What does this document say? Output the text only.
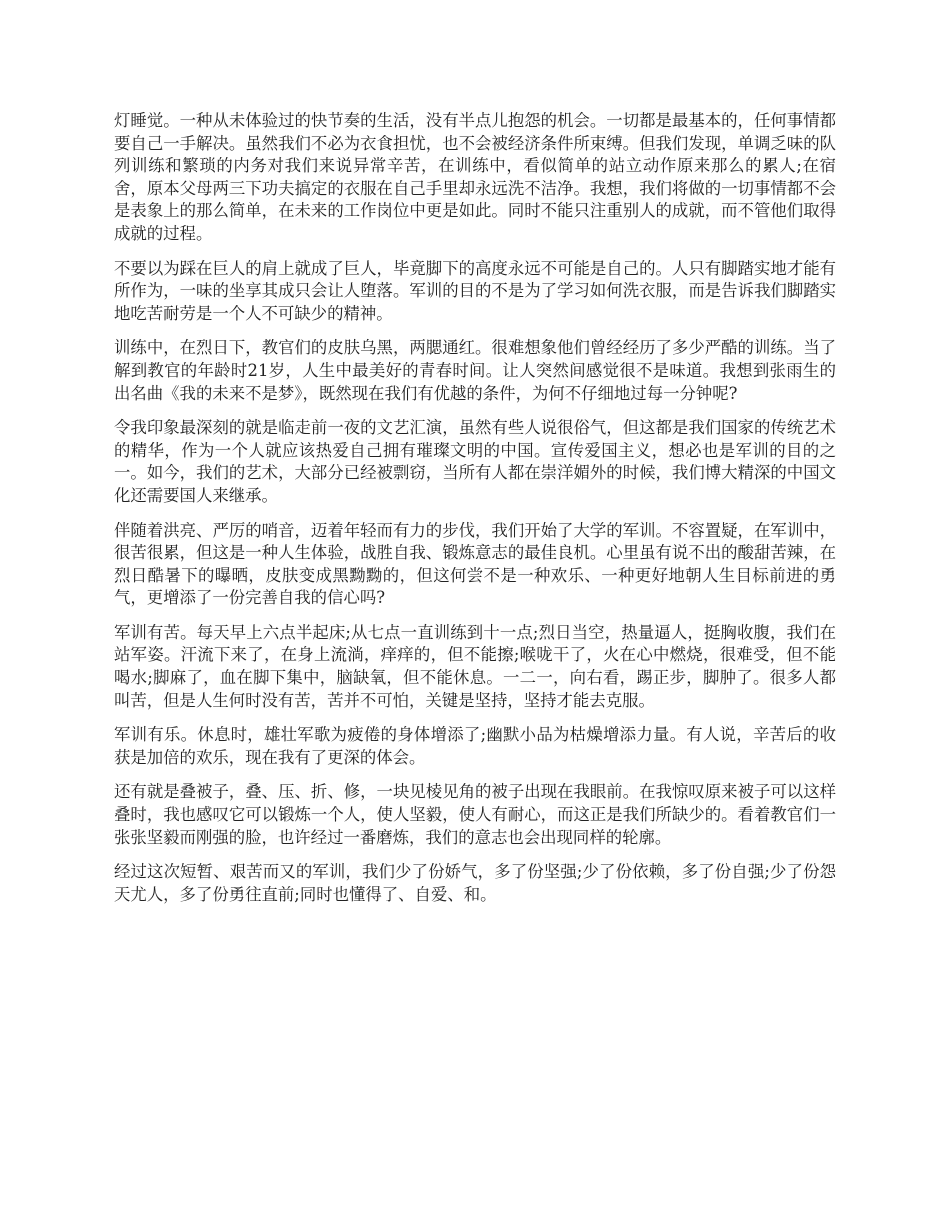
灯睡觉。一种从未体验过的快节奏的生活，没有半点儿抱怨的机会。一切都是最基本的，任何事情都要自己一手解决。虽然我们不必为衣食担忧，也不会被经济条件所束缚。但我们发现，单调乏味的队列训练和繁琐的内务对我们来说异常辛苦，在训练中，看似简单的站立动作原来那么的累人;在宿舍，原本父母两三下功夫搞定的衣服在自己手里却永远洗不洁净。我想，我们将做的一切事情都不会是表象上的那么简单，在未来的工作岗位中更是如此。同时不能只注重别人的成就，而不管他们取得成就的过程。

不要以为踩在巨人的肩上就成了巨人，毕竟脚下的高度永远不可能是自己的。人只有脚踏实地才能有所作为，一味的坐享其成只会让人堕落。军训的目的不是为了学习如何洗衣服，而是告诉我们脚踏实地吃苦耐劳是一个人不可缺少的精神。

训练中，在烈日下，教官们的皮肤乌黑，两腮通红。很难想象他们曾经经历了多少严酷的训练。当了解到教官的年龄时21岁，人生中最美好的青春时间。让人突然间感觉很不是味道。我想到张雨生的出名曲《我的未来不是梦》，既然现在我们有优越的条件，为何不仔细地过每一分钟呢?

令我印象最深刻的就是临走前一夜的文艺汇演，虽然有些人说很俗气，但这都是我们国家的传统艺术的精华，作为一个人就应该热爱自己拥有璀璨文明的中国。宣传爱国主义，想必也是军训的目的之一。如今，我们的艺术，大部分已经被剽窃，当所有人都在崇洋媚外的时候，我们博大精深的中国文化还需要国人来继承。

伴随着洪亮、严厉的哨音，迈着年轻而有力的步伐，我们开始了大学的军训。不容置疑，在军训中，很苦很累，但这是一种人生体验，战胜自我、锻炼意志的最佳良机。心里虽有说不出的酸甜苦辣，在烈日酷暑下的曝晒，皮肤变成黑黝黝的，但这何尝不是一种欢乐、一种更好地朝人生目标前进的勇气，更增添了一份完善自我的信心吗?

军训有苦。每天早上六点半起床;从七点一直训练到十一点;烈日当空，热量逼人，挺胸收腹，我们在站军姿。汗流下来了，在身上流淌，痒痒的，但不能擦;喉咙干了，火在心中燃烧，很难受，但不能喝水;脚麻了，血在脚下集中，脑缺氧，但不能休息。一二一，向右看，踢正步，脚肿了。很多人都叫苦，但是人生何时没有苦，苦并不可怕，关键是坚持，坚持才能去克服。

军训有乐。休息时，雄壮军歌为疲倦的身体增添了;幽默小品为枯燥增添力量。有人说，辛苦后的收获是加倍的欢乐，现在我有了更深的体会。

还有就是叠被子，叠、压、折、修，一块见棱见角的被子出现在我眼前。在我惊叹原来被子可以这样叠时，我也感叹它可以锻炼一个人，使人坚毅，使人有耐心，而这正是我们所缺少的。看着教官们一张张坚毅而刚强的脸，也许经过一番磨炼，我们的意志也会出现同样的轮廓。

经过这次短暂、艰苦而又的军训，我们少了份娇气，多了份坚强;少了份依赖，多了份自强;少了份怨天尤人，多了份勇往直前;同时也懂得了、自爱、和。
